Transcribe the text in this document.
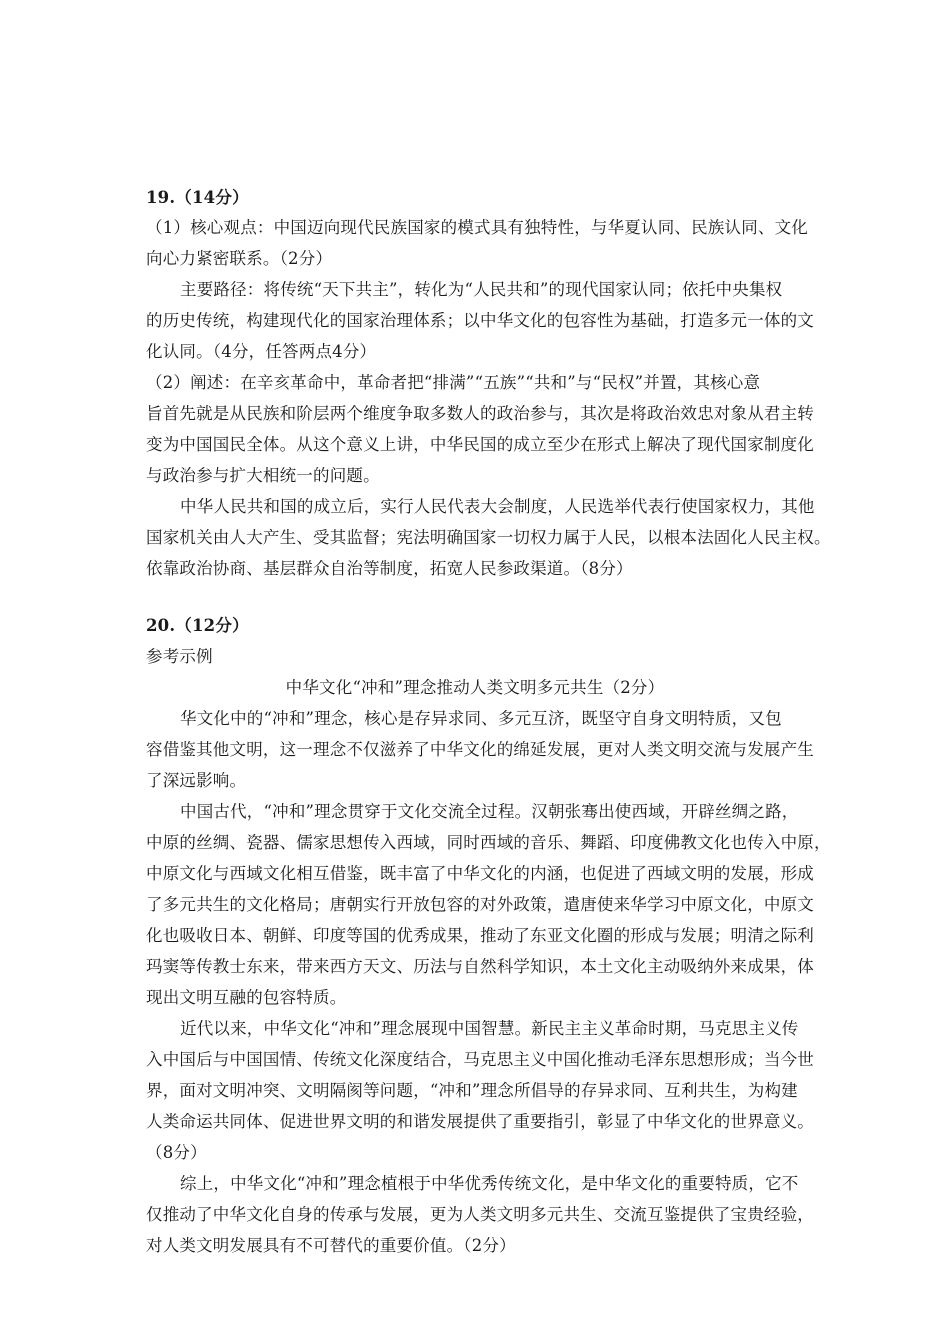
19.（14分）
（1）核心观点：中国迈向现代民族国家的模式具有独特性，与华夏认同、民族认同、文化
向心力紧密联系。（2分）
主要路径：将传统“天下共主”，转化为“人民共和”的现代国家认同；依托中央集权
的历史传统，构建现代化的国家治理体系；以中华文化的包容性为基础，打造多元一体的文
化认同。（4分，任答两点4分）
（2）阐述：在辛亥革命中，革命者把“排满”“五族”“共和”与“民权”并置，其核心意
旨首先就是从民族和阶层两个维度争取多数人的政治参与，其次是将政治效忠对象从君主转
变为中国国民全体。从这个意义上讲，中华民国的成立至少在形式上解决了现代国家制度化
与政治参与扩大相统一的问题。
中华人民共和国的成立后，实行人民代表大会制度，人民选举代表行使国家权力，其他
国家机关由人大产生、受其监督；宪法明确国家一切权力属于人民，以根本法固化人民主权。
依靠政治协商、基层群众自治等制度，拓宽人民参政渠道。（8分）
20.（12分）
参考示例
中华文化“冲和”理念推动人类文明多元共生（2分）
华文化中的“冲和”理念，核心是存异求同、多元互济，既坚守自身文明特质，又包
容借鉴其他文明，这一理念不仅滋养了中华文化的绵延发展，更对人类文明交流与发展产生
了深远影响。
中国古代，“冲和”理念贯穿于文化交流全过程。汉朝张骞出使西域，开辟丝绸之路，
中原的丝绸、瓷器、儒家思想传入西域，同时西域的音乐、舞蹈、印度佛教文化也传入中原，
中原文化与西域文化相互借鉴，既丰富了中华文化的内涵，也促进了西域文明的发展，形成
了多元共生的文化格局；唐朝实行开放包容的对外政策，遣唐使来华学习中原文化，中原文
化也吸收日本、朝鲜、印度等国的优秀成果，推动了东亚文化圈的形成与发展；明清之际利
玛窦等传教士东来，带来西方天文、历法与自然科学知识，本土文化主动吸纳外来成果，体
现出文明互融的包容特质。
近代以来，中华文化“冲和”理念展现中国智慧。新民主主义革命时期，马克思主义传
入中国后与中国国情、传统文化深度结合，马克思主义中国化推动毛泽东思想形成；当今世
界，面对文明冲突、文明隔阂等问题，“冲和”理念所倡导的存异求同、互利共生，为构建
人类命运共同体、促进世界文明的和谐发展提供了重要指引，彰显了中华文化的世界意义。
（8分）
综上，中华文化“冲和”理念植根于中华优秀传统文化，是中华文化的重要特质，它不
仅推动了中华文化自身的传承与发展，更为人类文明多元共生、交流互鉴提供了宝贵经验，
对人类文明发展具有不可替代的重要价值。（2分）
